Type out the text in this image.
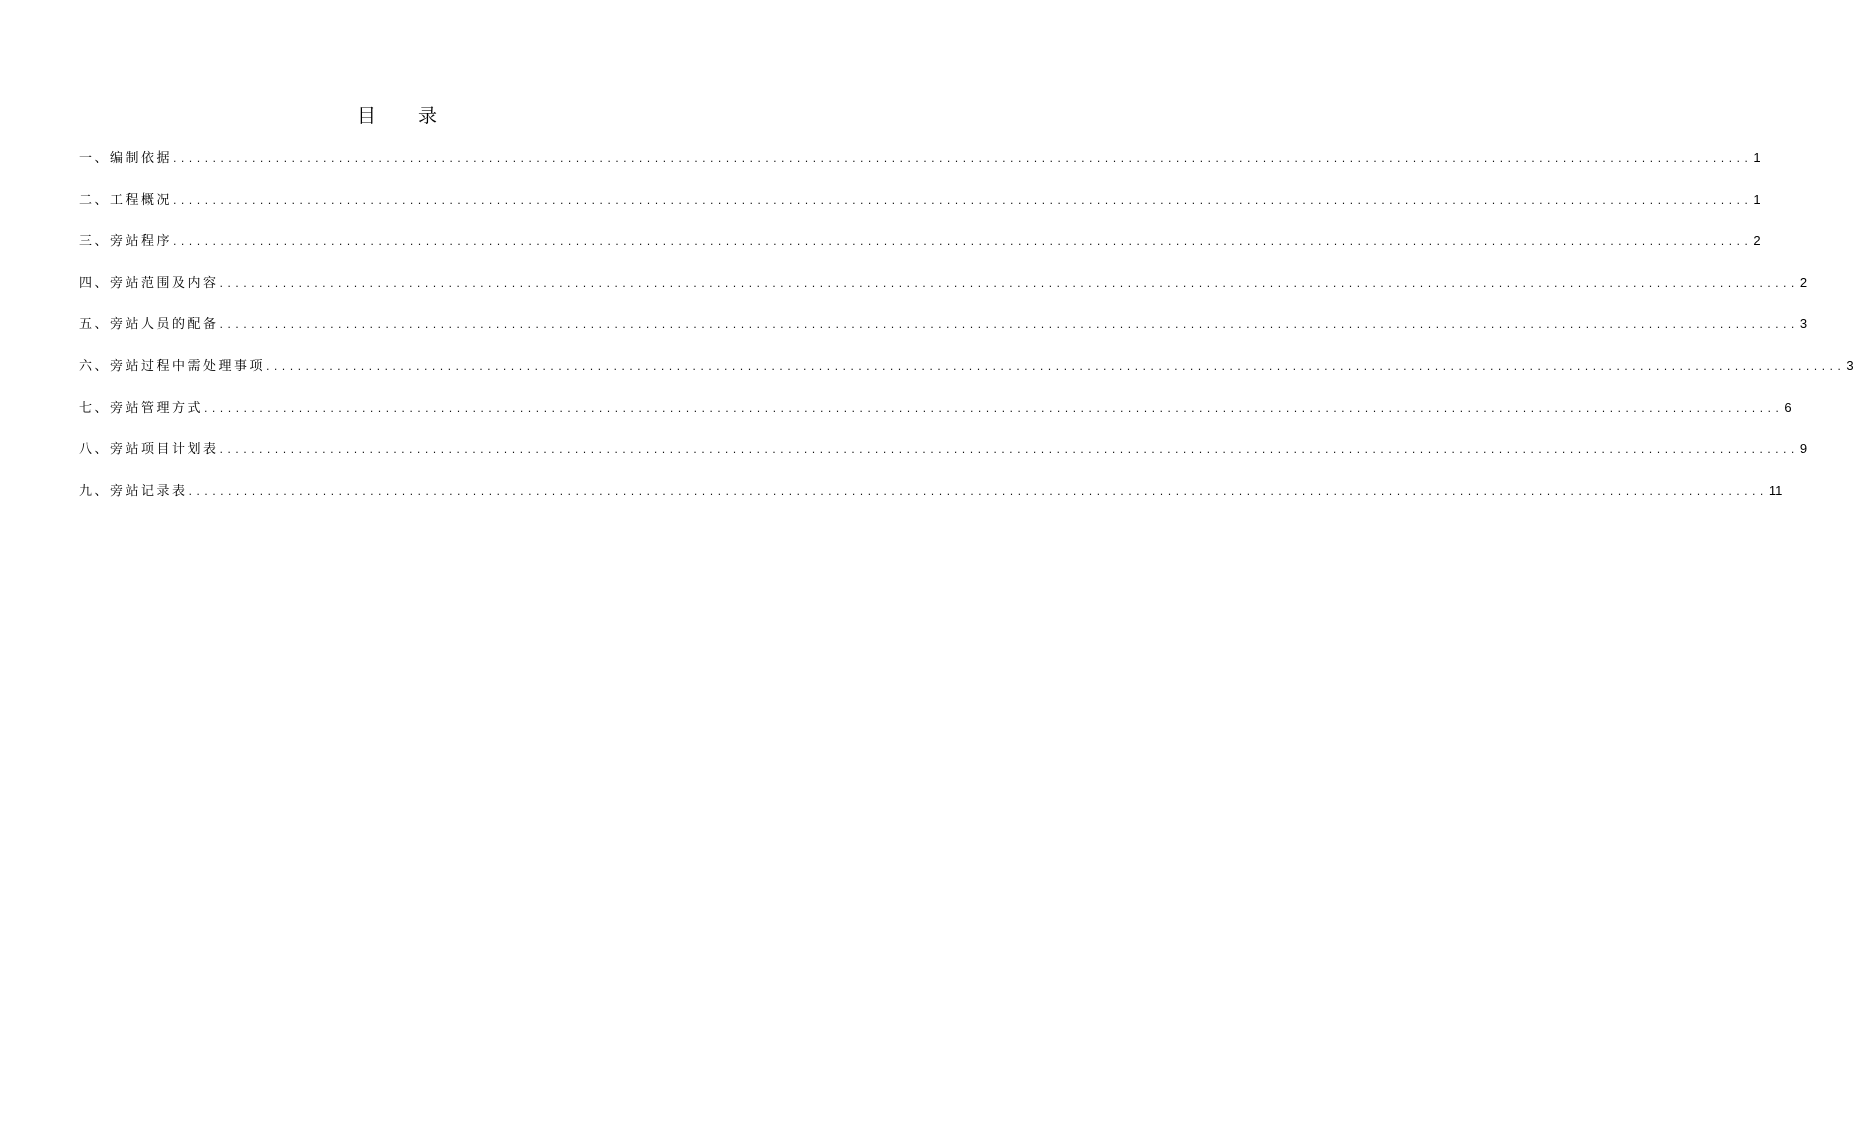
目 录
一、编制依据 ........................................................................................................................................................................................................ 1
二、工程概况 ........................................................................................................................................................................................................ 1
三、旁站程序 ........................................................................................................................................................................................................ 2
四、旁站范围及内容 ........................................................................................................................................................................................................ 2
五、旁站人员的配备 ........................................................................................................................................................................................................ 3
六、旁站过程中需处理事项 ........................................................................................................................................................................................................ 3
七、旁站管理方式 ........................................................................................................................................................................................................ 6
八、旁站项目计划表 ........................................................................................................................................................................................................ 9
九、旁站记录表 ........................................................................................................................................................................................................ 11
